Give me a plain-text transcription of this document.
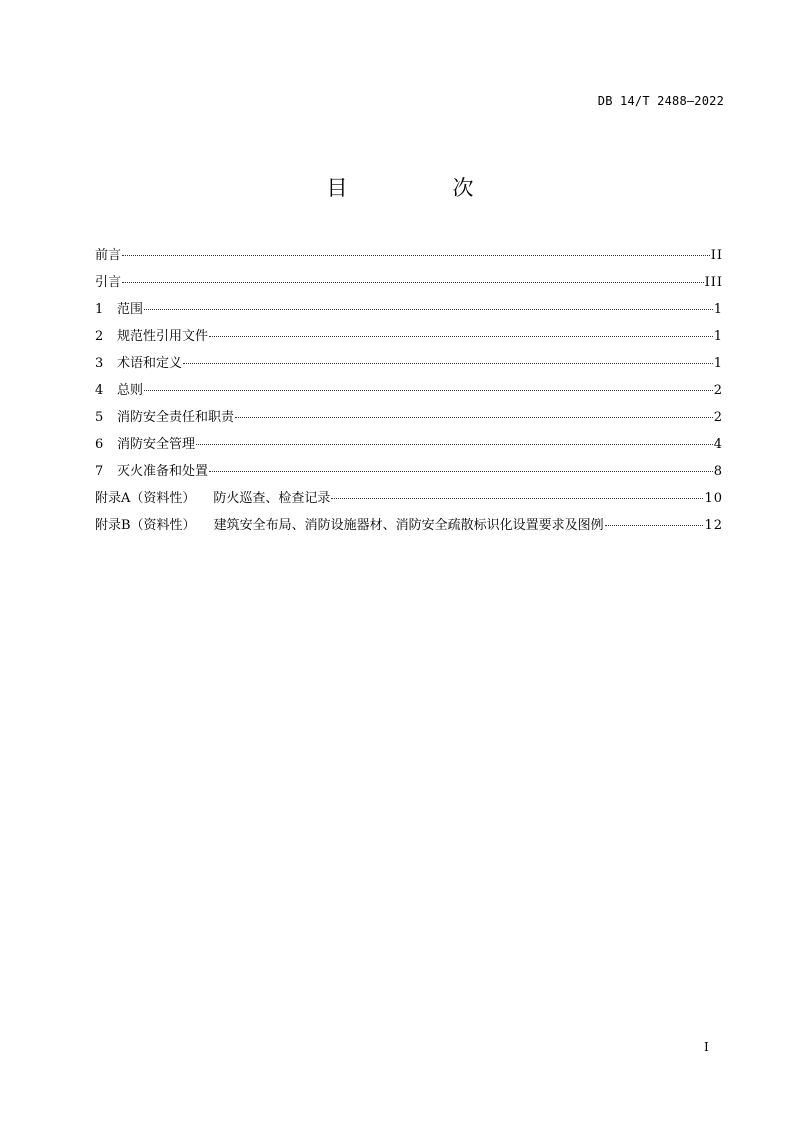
DB 14/T 2488—2022
目　次
前言	II
引言	III
1	范围	1
2	规范性引用文件	1
3	术语和定义	1
4	总则	2
5	消防安全责任和职责	2
6	消防安全管理	4
7	灭火准备和处置	8
附录A（资料性） 防火巡查、检查记录	10
附录B（资料性） 建筑安全布局、消防设施器材、消防安全疏散标识化设置要求及图例	12
I
